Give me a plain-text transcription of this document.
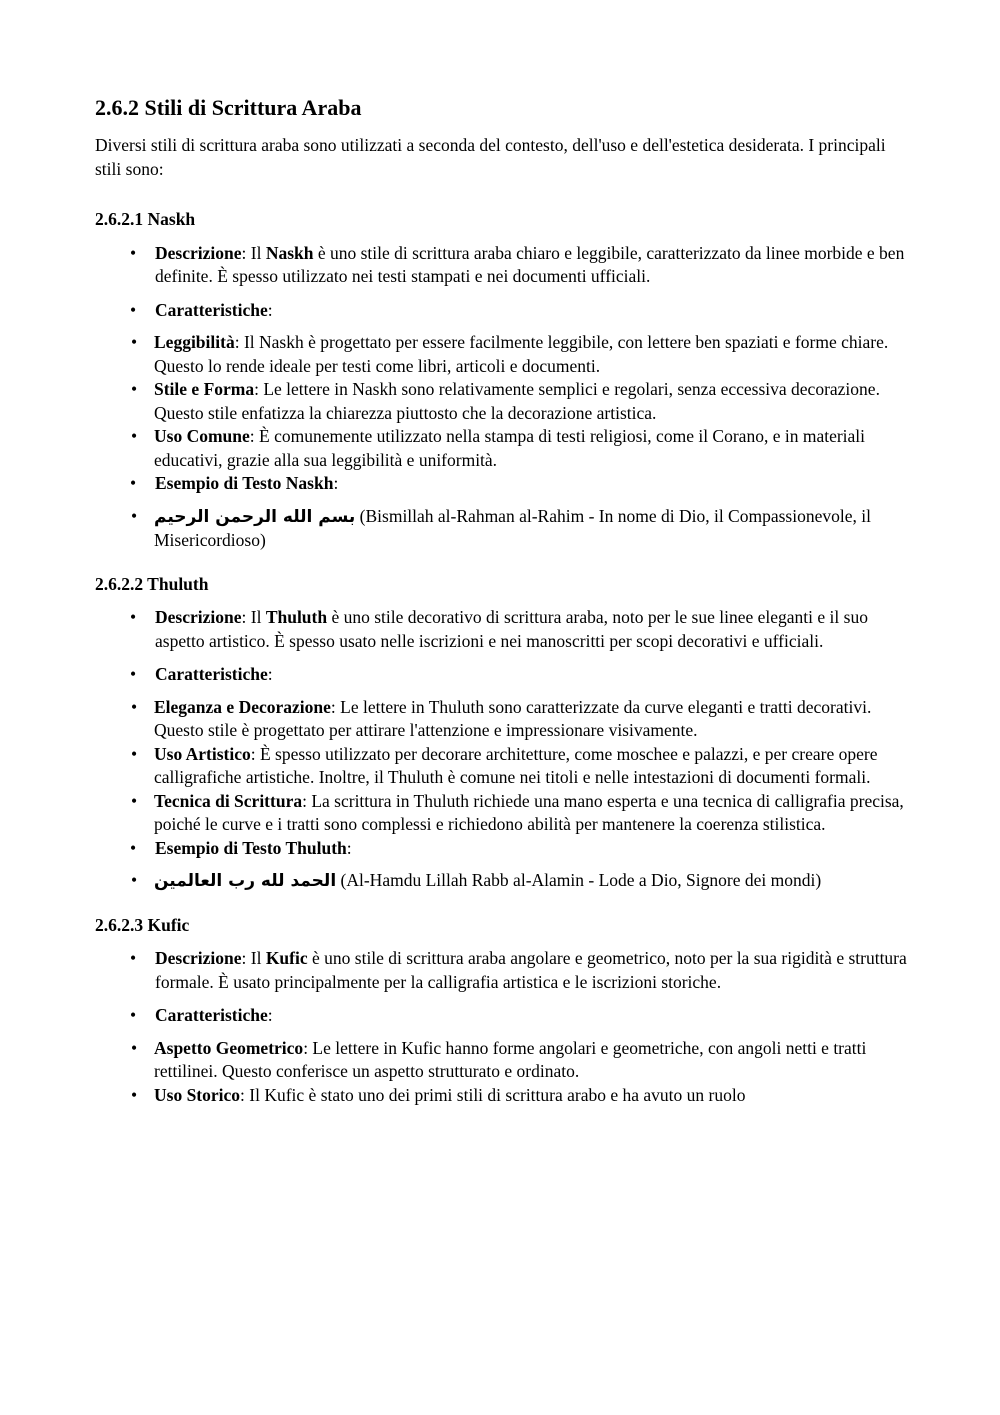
2.6.2 Stili di Scrittura Araba

Diversi stili di scrittura araba sono utilizzati a seconda del contesto, dell'uso e dell'estetica desiderata. I principali stili sono:

2.6.2.1 Naskh
• Descrizione: Il Naskh è uno stile di scrittura araba chiaro e leggibile, caratterizzato da linee morbide e ben definite. È spesso utilizzato nei testi stampati e nei documenti ufficiali.
• Caratteristiche:
• Leggibilità: Il Naskh è progettato per essere facilmente leggibile, con lettere ben spaziati e forme chiare. Questo lo rende ideale per testi come libri, articoli e documenti.
• Stile e Forma: Le lettere in Naskh sono relativamente semplici e regolari, senza eccessiva decorazione. Questo stile enfatizza la chiarezza piuttosto che la decorazione artistica.
• Uso Comune: È comunemente utilizzato nella stampa di testi religiosi, come il Corano, e in materiali educativi, grazie alla sua leggibilità e uniformità.
• Esempio di Testo Naskh:
• بسم الله الرحمن الرحيم (Bismillah al-Rahman al-Rahim - In nome di Dio, il Compassionevole, il Misericordioso)
2.6.2.2 Thuluth
• Descrizione: Il Thuluth è uno stile decorativo di scrittura araba, noto per le sue linee eleganti e il suo aspetto artistico. È spesso usato nelle iscrizioni e nei manoscritti per scopi decorativi e ufficiali.
• Caratteristiche:
• Eleganza e Decorazione: Le lettere in Thuluth sono caratterizzate da curve eleganti e tratti decorativi. Questo stile è progettato per attirare l'attenzione e impressionare visivamente.
• Uso Artistico: È spesso utilizzato per decorare architetture, come moschee e palazzi, e per creare opere calligrafiche artistiche. Inoltre, il Thuluth è comune nei titoli e nelle intestazioni di documenti formali.
• Tecnica di Scrittura: La scrittura in Thuluth richiede una mano esperta e una tecnica di calligrafia precisa, poiché le curve e i tratti sono complessi e richiedono abilità per mantenere la coerenza stilistica.
• Esempio di Testo Thuluth:
• الحمد لله رب العالمين (Al-Hamdu Lillah Rabb al-Alamin - Lode a Dio, Signore dei mondi)
2.6.2.3 Kufic
• Descrizione: Il Kufic è uno stile di scrittura araba angolare e geometrico, noto per la sua rigidità e struttura formale. È usato principalmente per la calligrafia artistica e le iscrizioni storiche.
• Caratteristiche:
• Aspetto Geometrico: Le lettere in Kufic hanno forme angolari e geometriche, con angoli netti e tratti rettilinei. Questo conferisce un aspetto strutturato e ordinato.
• Uso Storico: Il Kufic è stato uno dei primi stili di scrittura arabo e ha avuto un ruolo
